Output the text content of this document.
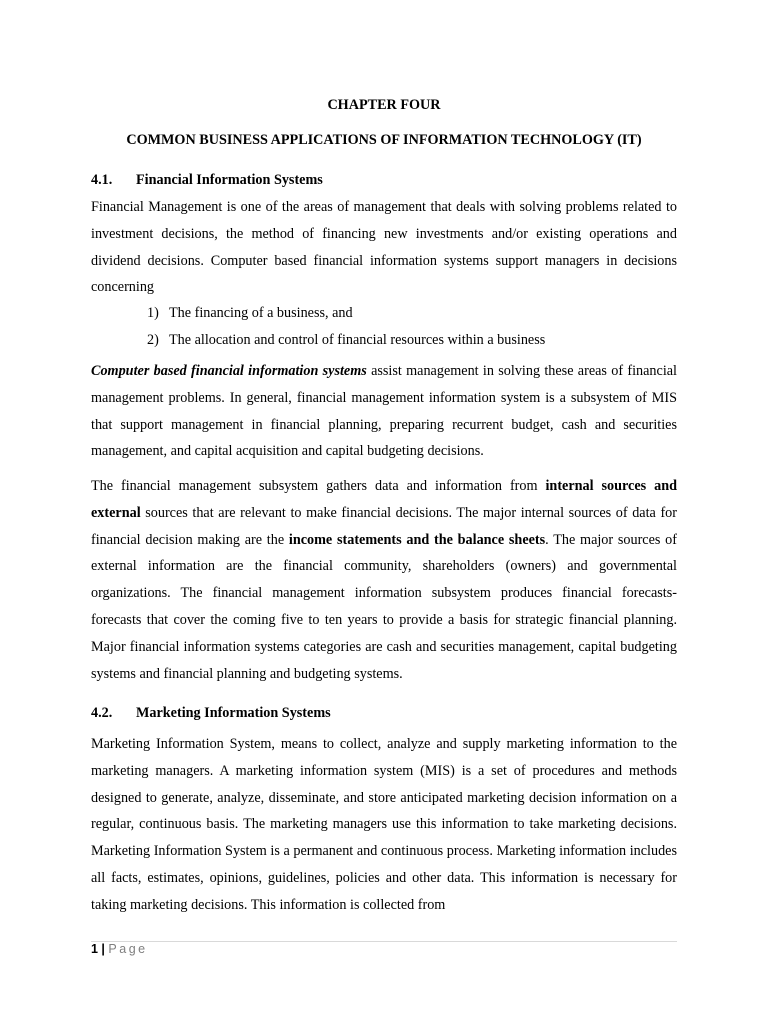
CHAPTER FOUR
COMMON BUSINESS APPLICATIONS OF INFORMATION TECHNOLOGY (IT)
4.1. Financial Information Systems

Financial Management is one of the areas of management that deals with solving problems related to investment decisions, the method of financing new investments and/or existing operations and dividend decisions. Computer based financial information systems support managers in decisions concerning

1) The financing of a business, and
2) The allocation and control of financial resources within a business

Computer based financial information systems assist management in solving these areas of financial management problems. In general, financial management information system is a subsystem of MIS that support management in financial planning, preparing recurrent budget, cash and securities management, and capital acquisition and capital budgeting decisions.

The financial management subsystem gathers data and information from internal sources and external sources that are relevant to make financial decisions. The major internal sources of data for financial decision making are the income statements and the balance sheets. The major sources of external information are the financial community, shareholders (owners) and governmental organizations. The financial management information subsystem produces financial forecasts- forecasts that cover the coming five to ten years to provide a basis for strategic financial planning. Major financial information systems categories are cash and securities management, capital budgeting systems and financial planning and budgeting systems.

4.2. Marketing Information Systems

Marketing Information System, means to collect, analyze and supply marketing information to the marketing managers. A marketing information system (MIS) is a set of procedures and methods designed to generate, analyze, disseminate, and store anticipated marketing decision information on a regular, continuous basis. The marketing managers use this information to take marketing decisions. Marketing Information System is a permanent and continuous process. Marketing information includes all facts, estimates, opinions, guidelines, policies and other data. This information is necessary for taking marketing decisions. This information is collected from

1 | Page
